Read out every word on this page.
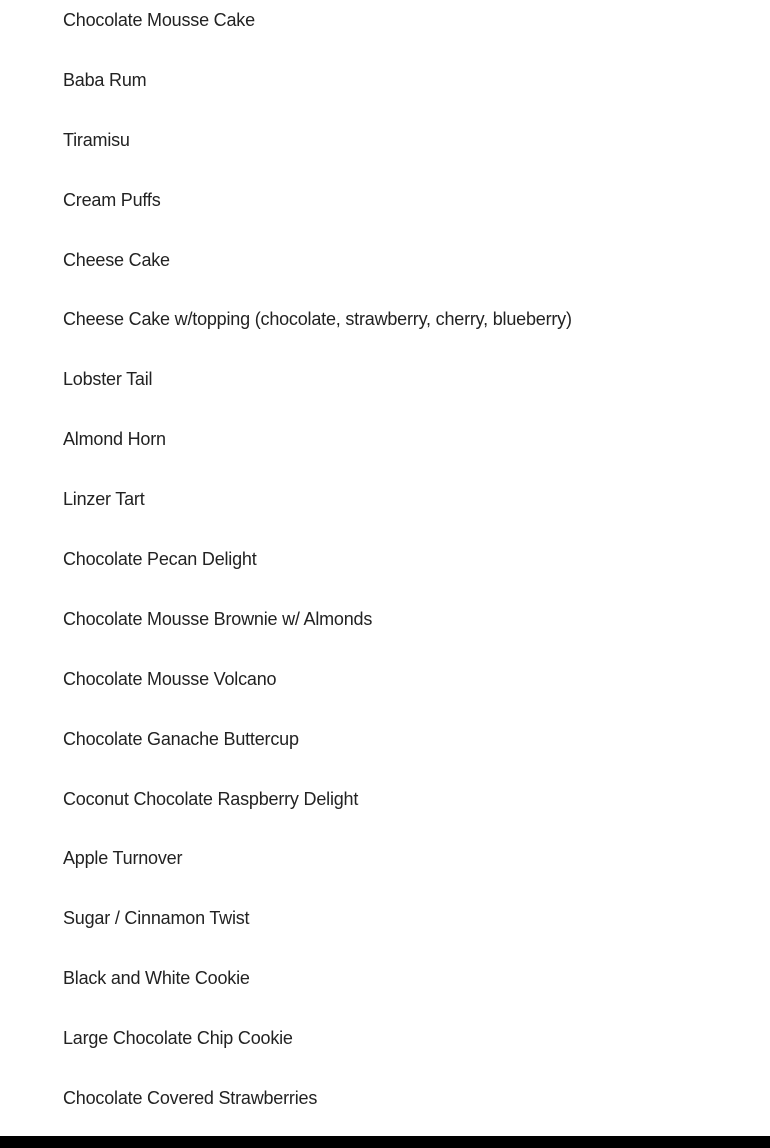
Chocolate Mousse Cake
Baba Rum
Tiramisu
Cream Puffs
Cheese Cake
Cheese Cake w/topping (chocolate, strawberry, cherry, blueberry)
Lobster Tail
Almond Horn
Linzer Tart
Chocolate Pecan Delight
Chocolate Mousse Brownie w/ Almonds
Chocolate Mousse Volcano
Chocolate Ganache Buttercup
Coconut Chocolate Raspberry Delight
Apple Turnover
Sugar / Cinnamon Twist
Black and White Cookie
Large Chocolate Chip Cookie
Chocolate Covered Strawberries
